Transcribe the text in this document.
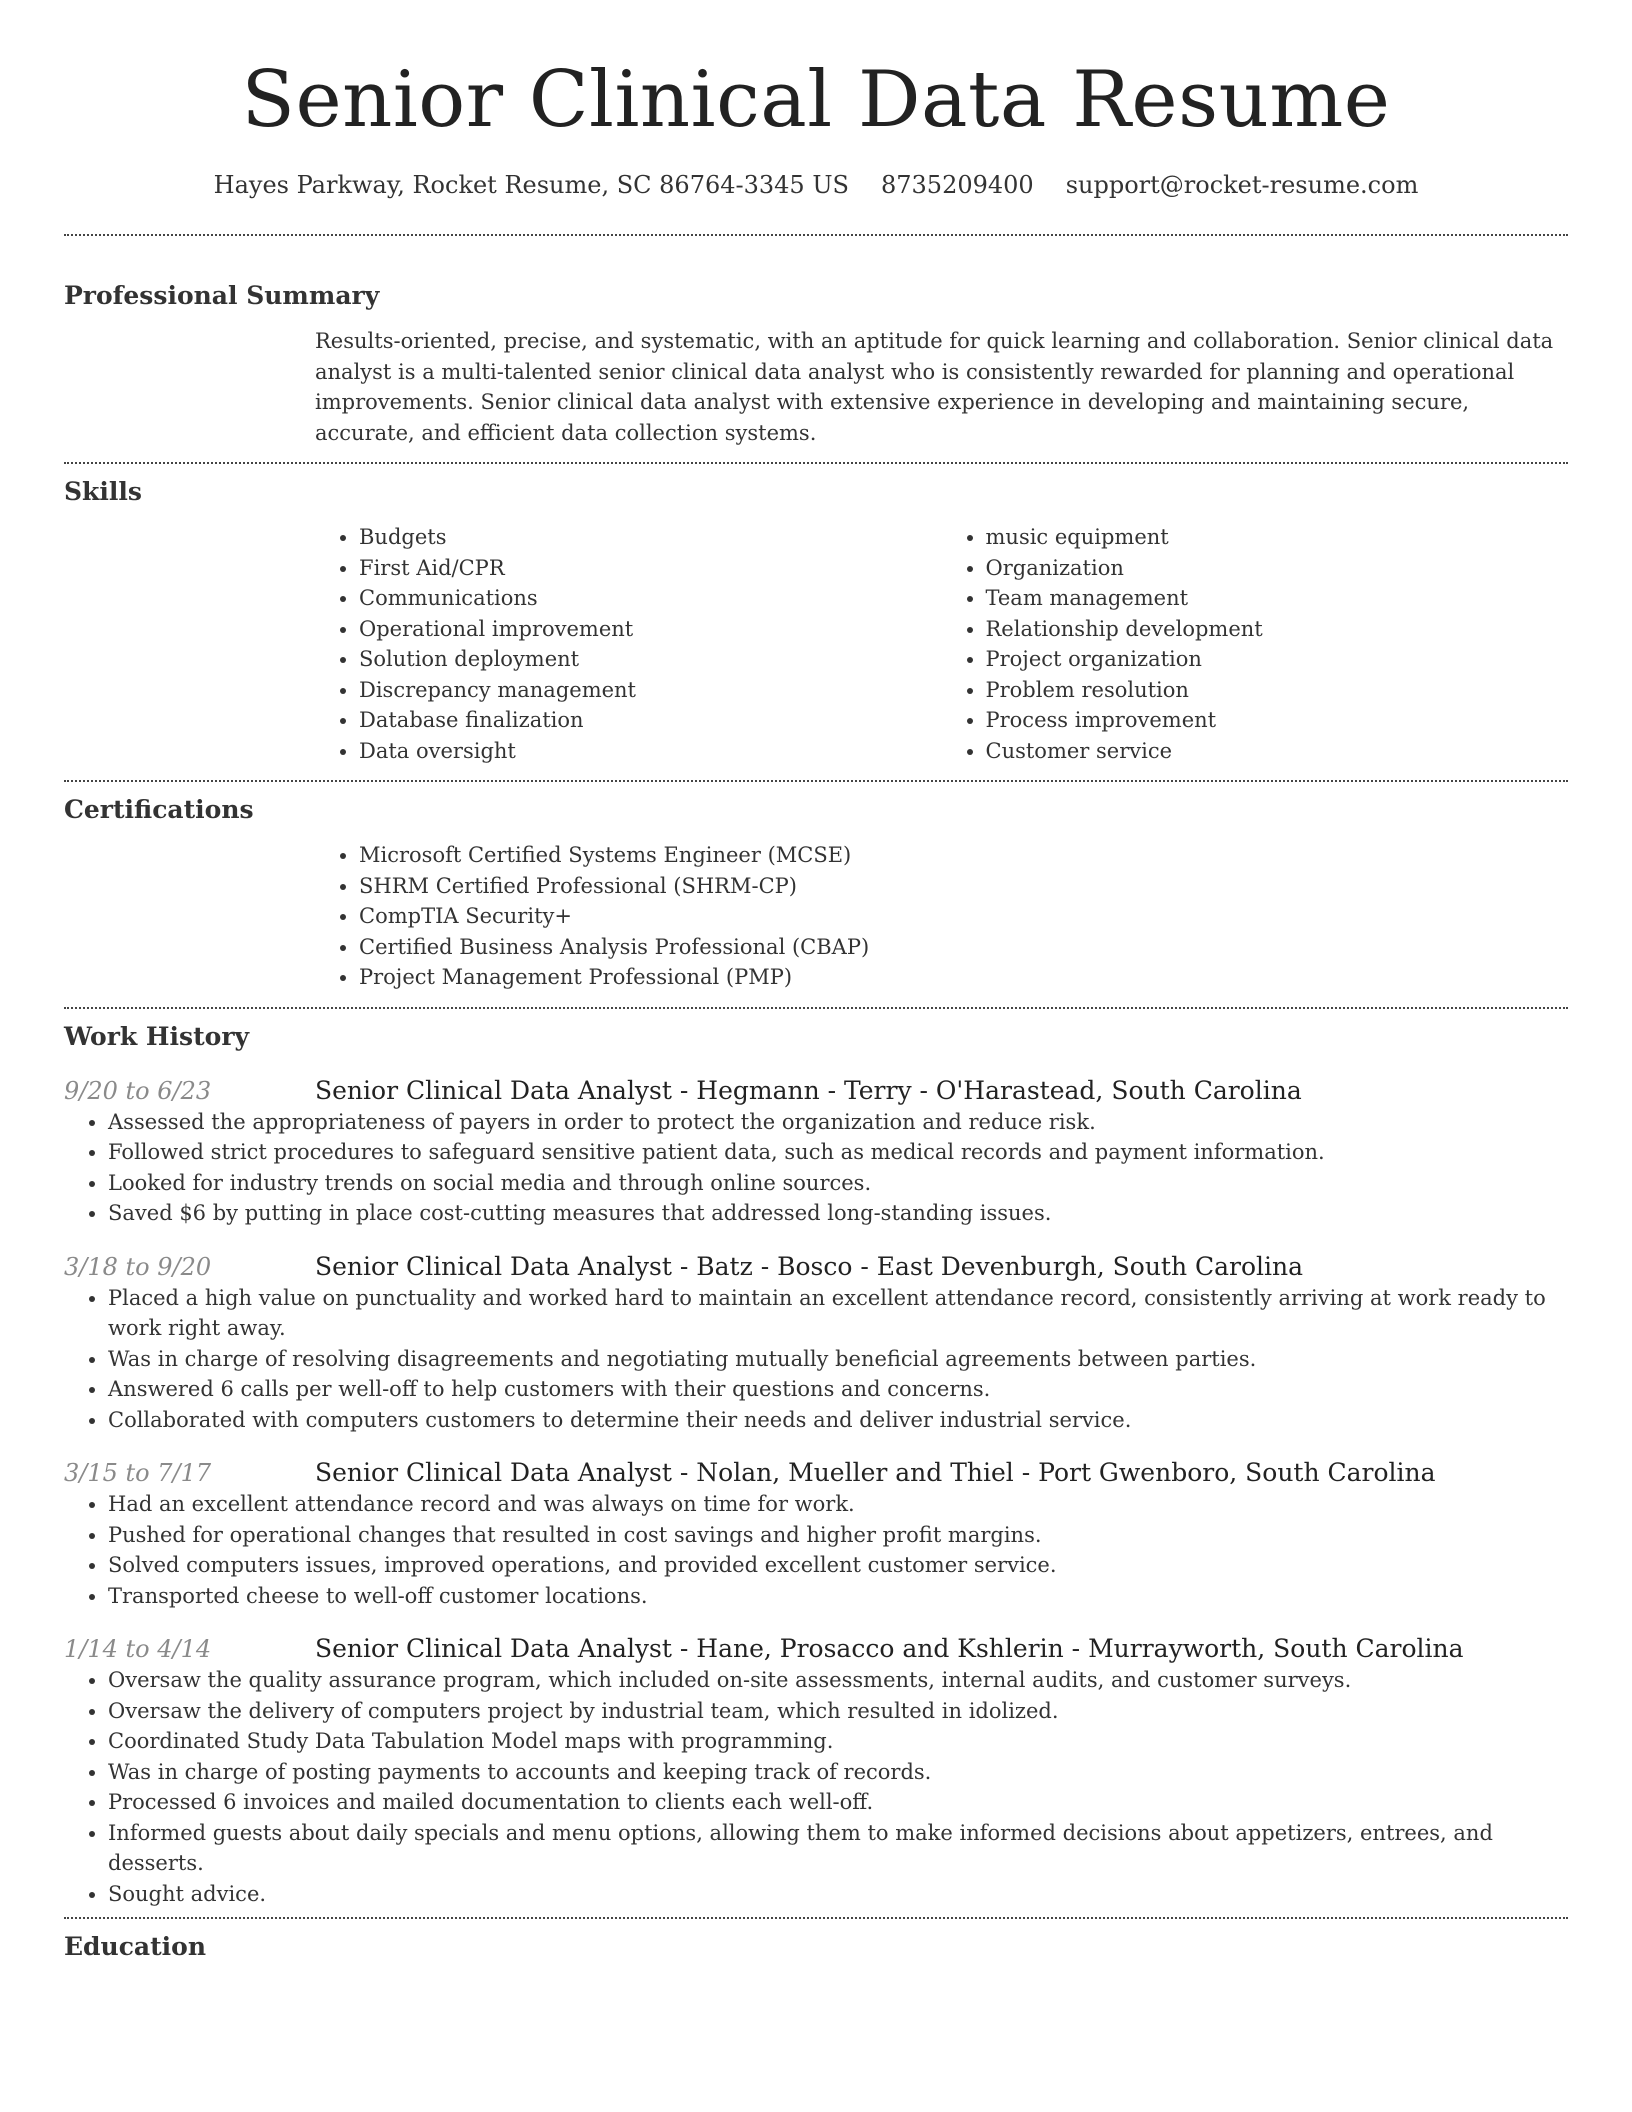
Senior Clinical Data Resume
Hayes Parkway, Rocket Resume, SC 86764-3345 US 8735209400 support@rocket-resume.com
Professional Summary
Results-oriented, precise, and systematic, with an aptitude for quick learning and collaboration. Senior clinical data analyst is a multi-talented senior clinical data analyst who is consistently rewarded for planning and operational improvements. Senior clinical data analyst with extensive experience in developing and maintaining secure, accurate, and efficient data collection systems.
Skills
• Budgets
• First Aid/CPR
• Communications
• Operational improvement
• Solution deployment
• Discrepancy management
• Database finalization
• Data oversight
• music equipment
• Organization
• Team management
• Relationship development
• Project organization
• Problem resolution
• Process improvement
• Customer service
Certifications
• Microsoft Certified Systems Engineer (MCSE)
• SHRM Certified Professional (SHRM-CP)
• CompTIA Security+
• Certified Business Analysis Professional (CBAP)
• Project Management Professional (PMP)
Work History
9/20 to 6/23	Senior Clinical Data Analyst - Hegmann - Terry - O'Harastead, South Carolina
• Assessed the appropriateness of payers in order to protect the organization and reduce risk.
• Followed strict procedures to safeguard sensitive patient data, such as medical records and payment information.
• Looked for industry trends on social media and through online sources.
• Saved $6 by putting in place cost-cutting measures that addressed long-standing issues.
3/18 to 9/20	Senior Clinical Data Analyst - Batz - Bosco - East Devenburgh, South Carolina
• Placed a high value on punctuality and worked hard to maintain an excellent attendance record, consistently arriving at work ready to work right away.
• Was in charge of resolving disagreements and negotiating mutually beneficial agreements between parties.
• Answered 6 calls per well-off to help customers with their questions and concerns.
• Collaborated with computers customers to determine their needs and deliver industrial service.
3/15 to 7/17	Senior Clinical Data Analyst - Nolan, Mueller and Thiel - Port Gwenboro, South Carolina
• Had an excellent attendance record and was always on time for work.
• Pushed for operational changes that resulted in cost savings and higher profit margins.
• Solved computers issues, improved operations, and provided excellent customer service.
• Transported cheese to well-off customer locations.
1/14 to 4/14	Senior Clinical Data Analyst - Hane, Prosacco and Kshlerin - Murrayworth, South Carolina
• Oversaw the quality assurance program, which included on-site assessments, internal audits, and customer surveys.
• Oversaw the delivery of computers project by industrial team, which resulted in idolized.
• Coordinated Study Data Tabulation Model maps with programming.
• Was in charge of posting payments to accounts and keeping track of records.
• Processed 6 invoices and mailed documentation to clients each well-off.
• Informed guests about daily specials and menu options, allowing them to make informed decisions about appetizers, entrees, and desserts.
• Sought advice.
Education
